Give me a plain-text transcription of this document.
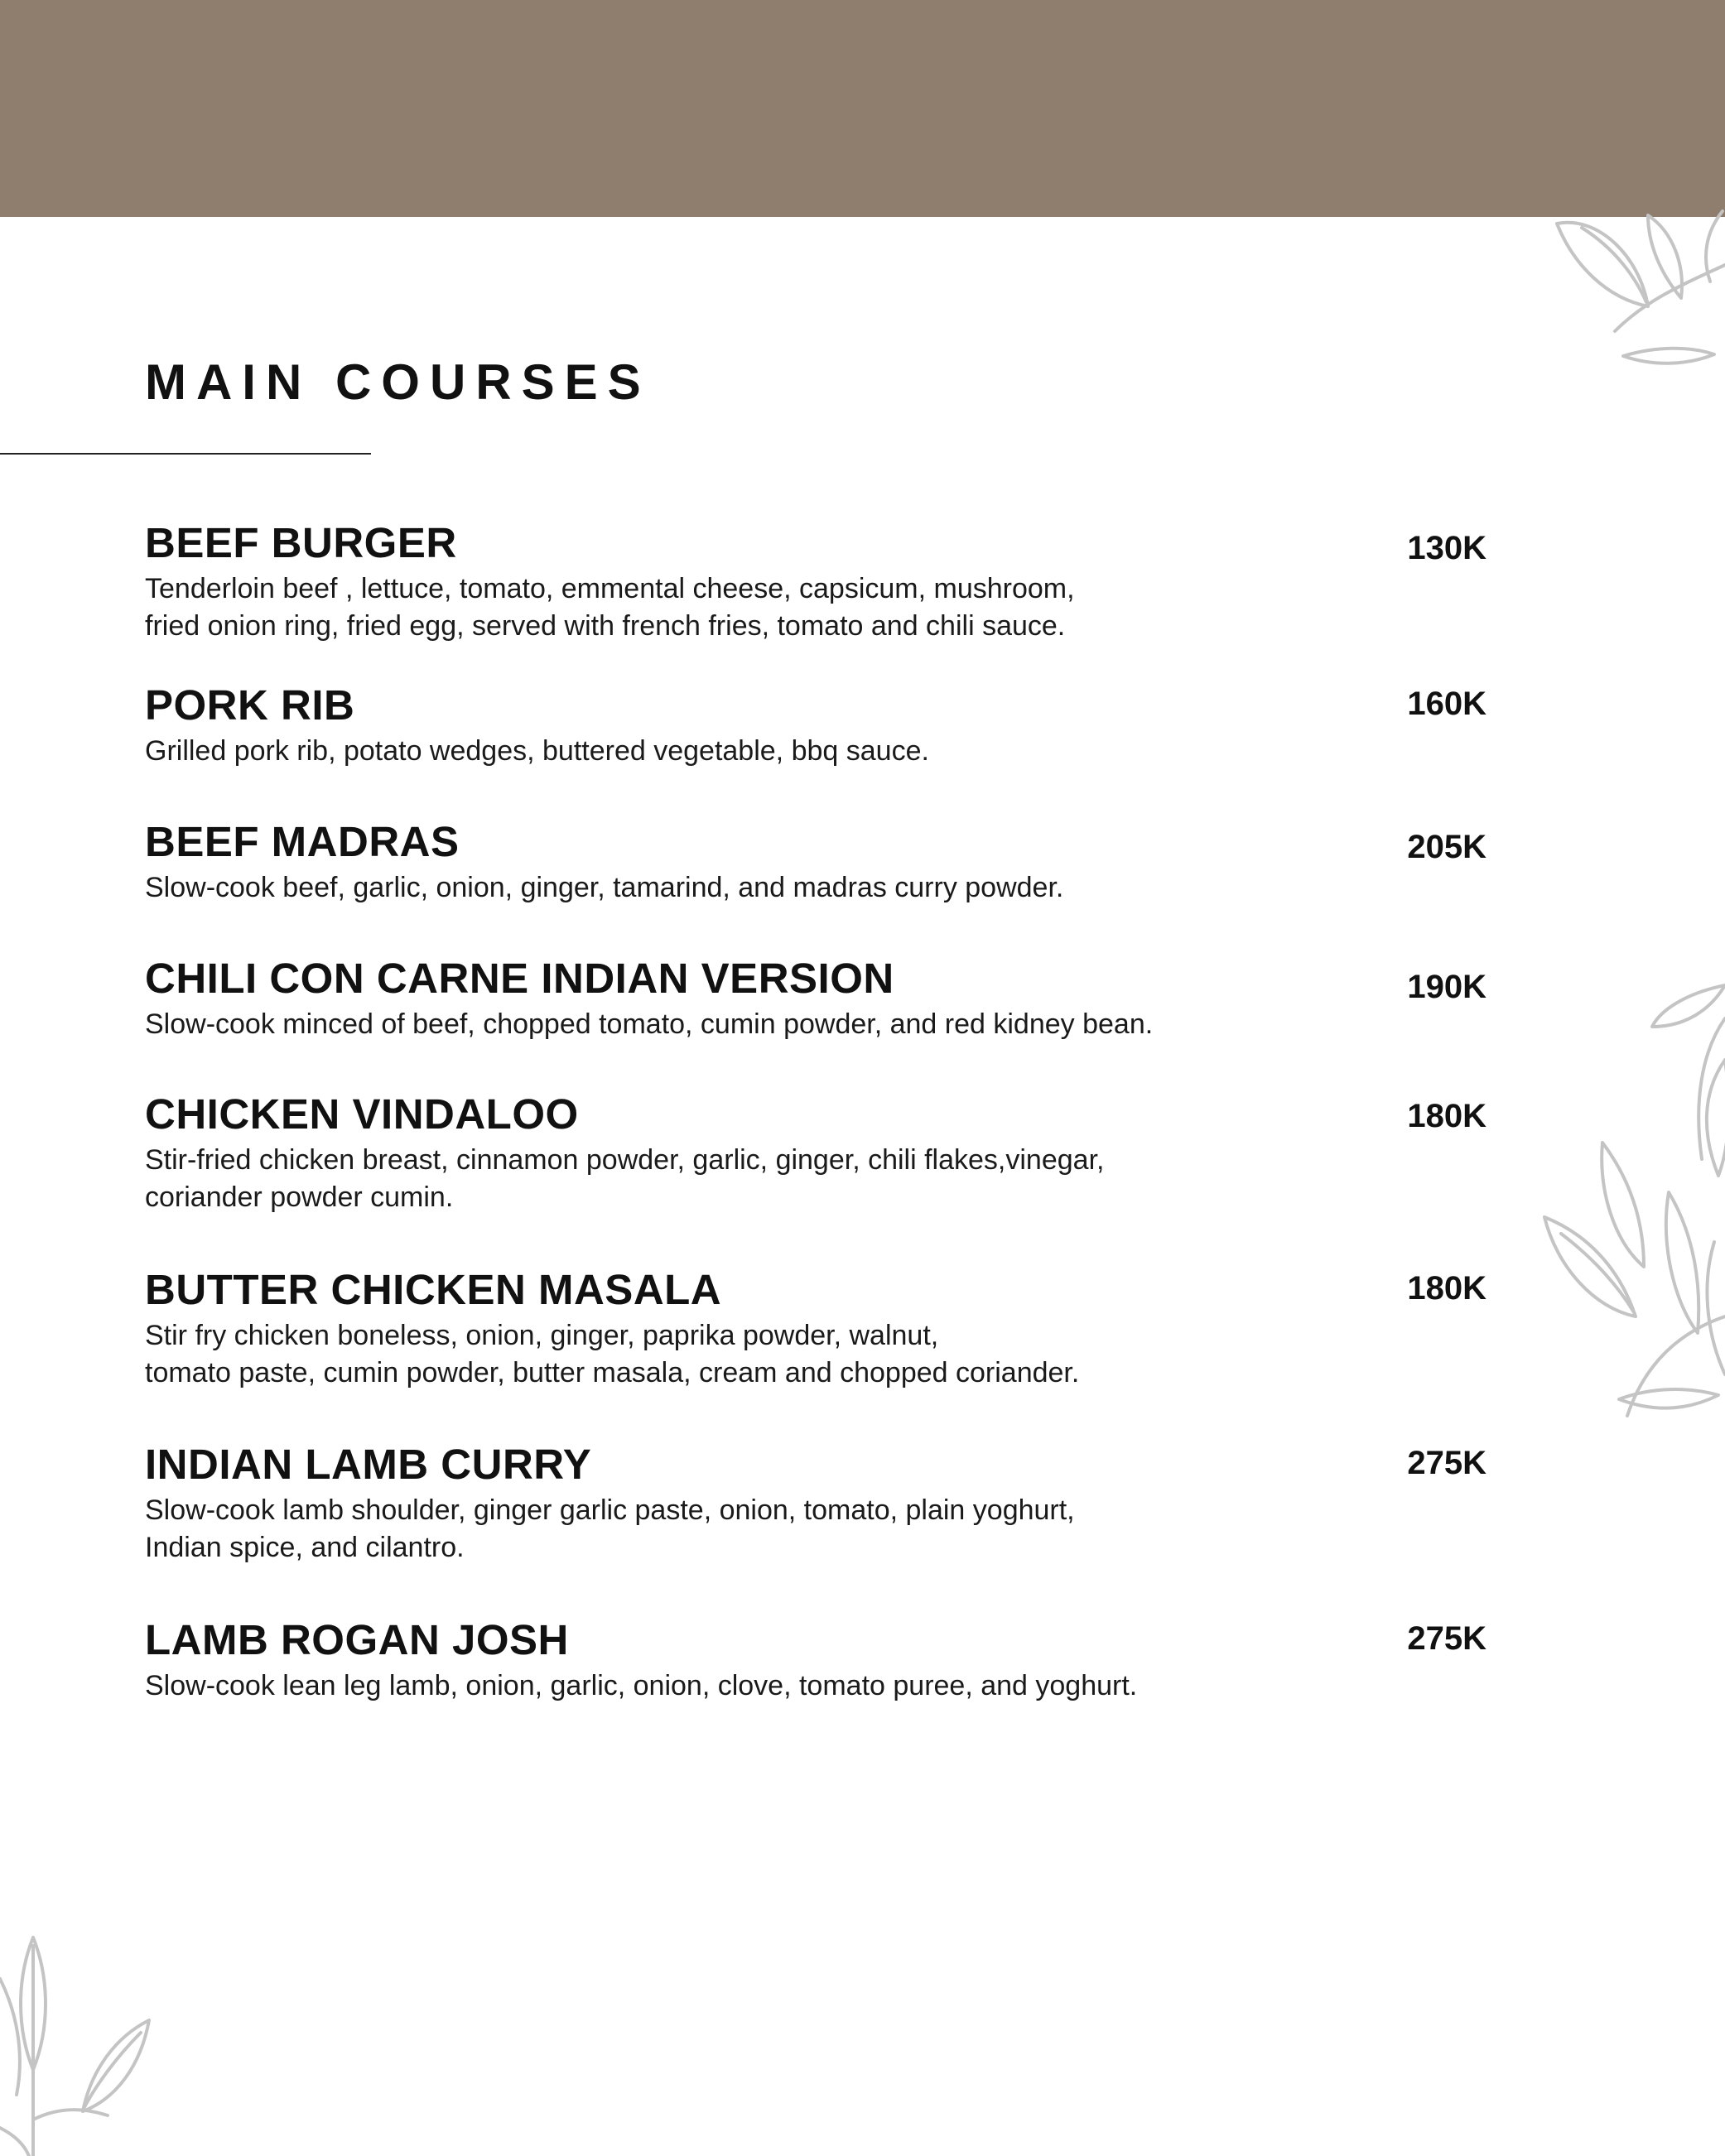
MAIN COURSES
BEEF BURGER	130K
Tenderloin beef , lettuce, tomato, emmental cheese, capsicum, mushroom,
fried onion ring, fried egg, served with french fries, tomato and chili sauce.
PORK RIB	160K
Grilled pork rib, potato wedges, buttered vegetable, bbq sauce.
BEEF MADRAS	205K
Slow-cook beef, garlic, onion, ginger, tamarind, and madras curry powder.
CHILI CON CARNE INDIAN VERSION	190K
Slow-cook minced of beef, chopped tomato, cumin powder, and red kidney bean.
CHICKEN VINDALOO	180K
Stir-fried chicken breast, cinnamon powder, garlic, ginger, chili flakes,vinegar,
coriander powder cumin.
BUTTER CHICKEN MASALA	180K
Stir fry chicken boneless, onion, ginger, paprika powder, walnut,
tomato paste, cumin powder, butter masala, cream and chopped coriander.
INDIAN LAMB CURRY	275K
Slow-cook lamb shoulder, ginger garlic paste, onion, tomato, plain yoghurt,
Indian spice, and cilantro.
LAMB ROGAN JOSH	275K
Slow-cook lean leg lamb, onion, garlic, onion, clove, tomato puree, and yoghurt.
